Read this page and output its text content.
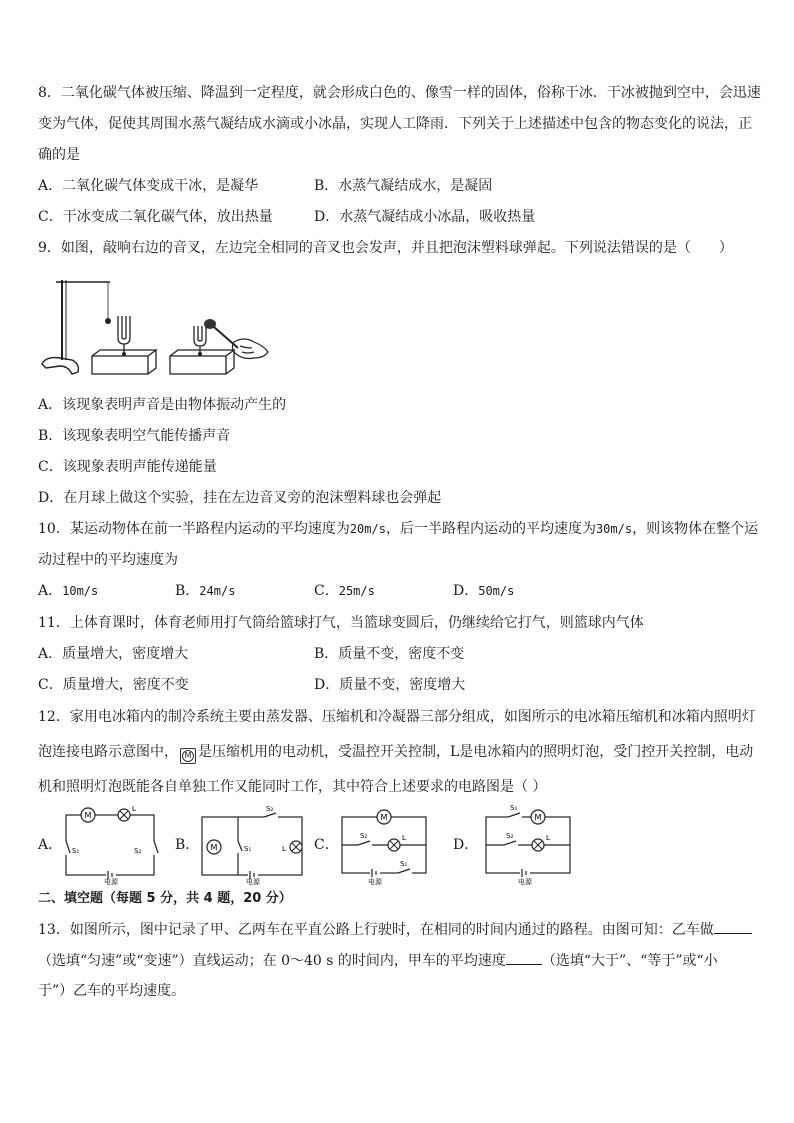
8．二氧化碳气体被压缩、降温到一定程度，就会形成白色的、像雪一样的固体，俗称干冰．干冰被抛到空中，会迅速
变为气体，促使其周围水蒸气凝结成水滴或小冰晶，实现人工降雨．下列关于上述描述中包含的物态变化的说法，正
确的是
A．二氧化碳气体变成干冰，是凝华	B．水蒸气凝结成水，是凝固
C．干冰变成二氧化碳气体，放出热量	D．水蒸气凝结成小冰晶，吸收热量
9．如图，敲响右边的音叉，左边完全相同的音叉也会发声，并且把泡沫塑料球弹起。下列说法错误的是（　　）
A．该现象表明声音是由物体振动产生的
B．该现象表明空气能传播声音
C．该现象表明声能传递能量
D．在月球上做这个实验，挂在左边音叉旁的泡沫塑料球也会弹起
10．某运动物体在前一半路程内运动的平均速度为20m/s，后一半路程内运动的平均速度为30m/s，则该物体在整个运
动过程中的平均速度为
A．10m/s	B．24m/s	C．25m/s	D．50m/s
11．上体育课时，体育老师用打气筒给篮球打气，当篮球变圆后，仍继续给它打气，则篮球内气体
A．质量增大，密度增大	B．质量不变，密度不变
C．质量增大，密度不变	D．质量不变，密度增大
12．家用电冰箱内的制冷系统主要由蒸发器、压缩机和冷凝器三部分组成，如图所示的电冰箱压缩机和冰箱内照明灯
泡连接电路示意图中， M 是压缩机用的电动机，受温控开关控制，L是电冰箱内的照明灯泡，受门控开关控制，电动
机和照明灯泡既能各自单独工作又能同时工作，其中符合上述要求的电路图是（ ）
A．	B．	C．	D．
M
L
S₁	S₂
电源
S₂
M	S₁	L
电源
M
S₂	L
S₁
电源
S₁
M
S₂	L
电源
二、填空题（每题 5 分，共 4 题，20 分）
13．如图所示，图中记录了甲、乙两车在平直公路上行驶时，在相同的时间内通过的路程。由图可知：乙车做
（选填“匀速”或“变速”）直线运动；在 0～40 s 的时间内，甲车的平均速度	（选填“大于”、“等于”或“小
于”）乙车的平均速度。
